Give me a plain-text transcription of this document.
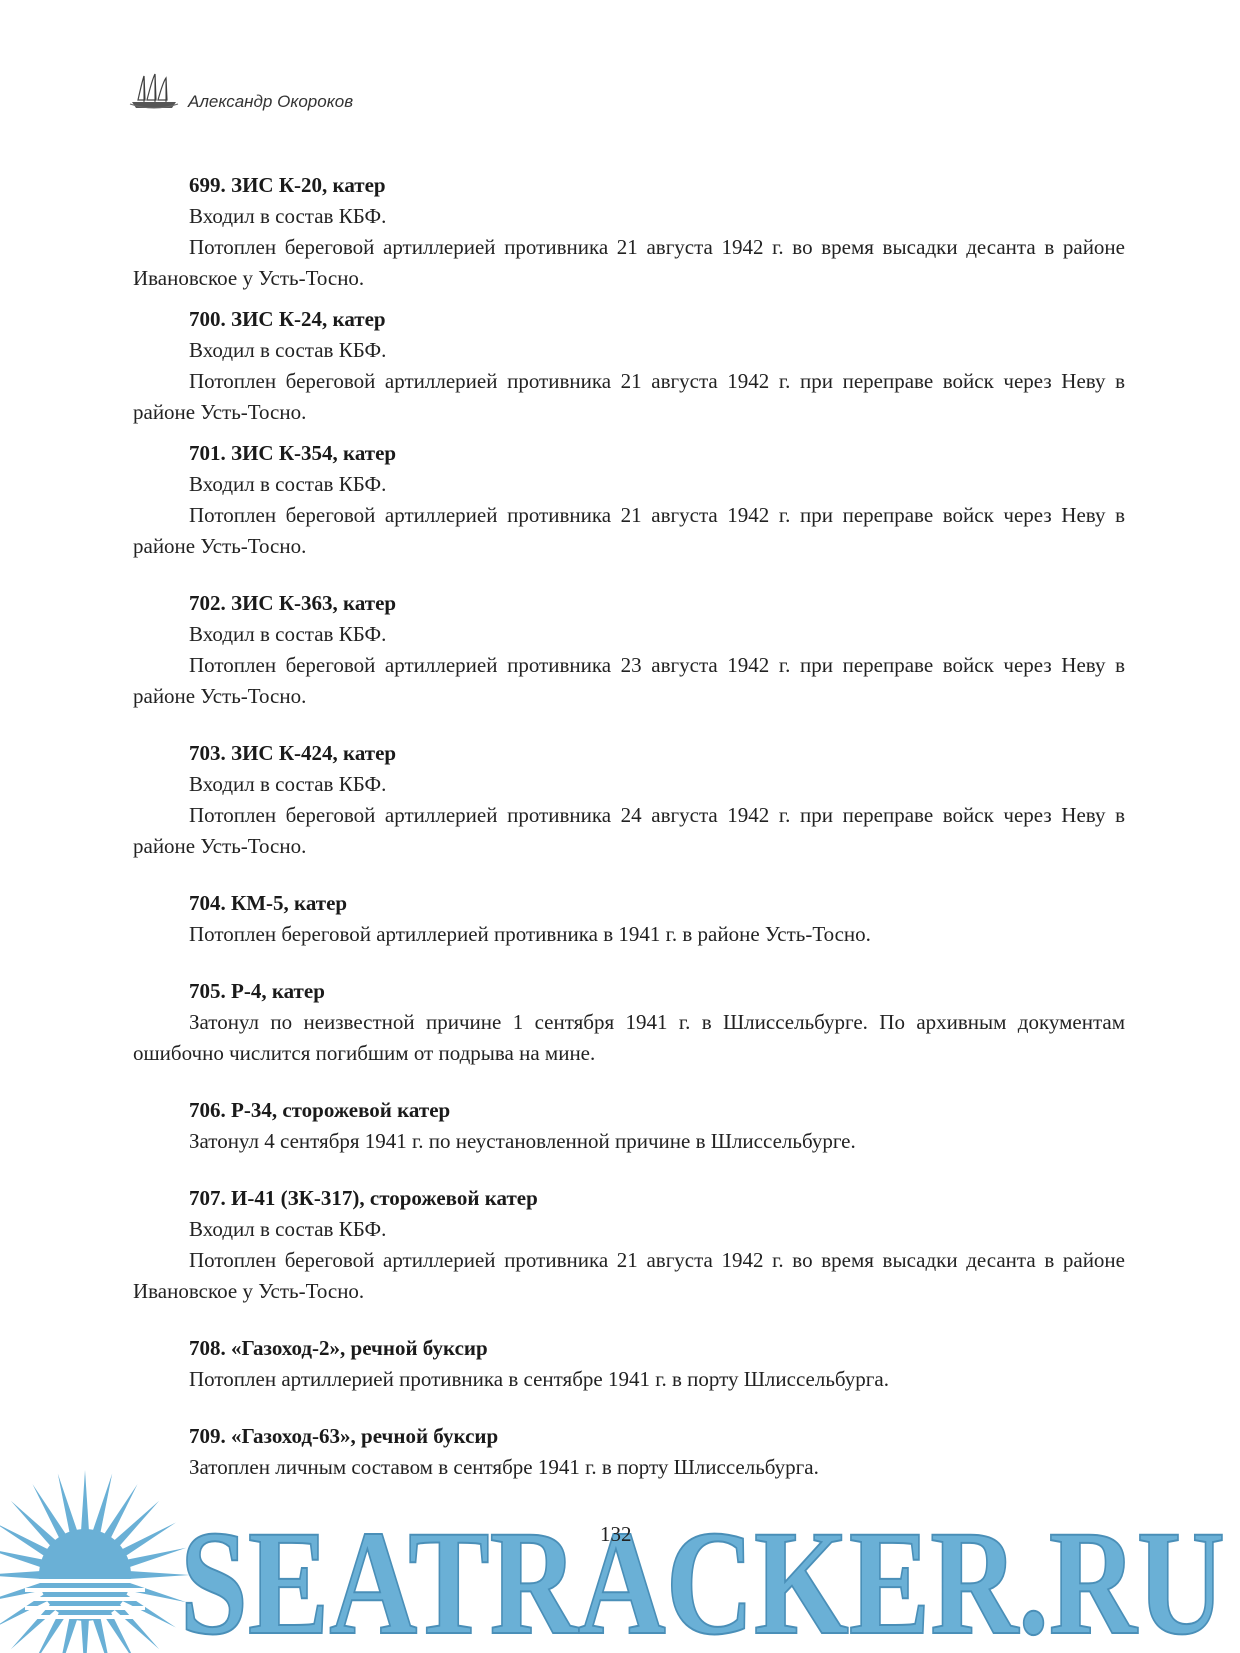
Александр Окороков
699. ЗИС К-20, катер
Входил в состав КБФ.
Потоплен береговой артиллерией противника 21 августа 1942 г. во время высадки десанта в районе Ивановское у Усть-Тосно.
700. ЗИС К-24, катер
Входил в состав КБФ.
Потоплен береговой артиллерией противника 21 августа 1942 г. при переправе войск через Неву в районе Усть-Тосно.
701. ЗИС К-354, катер
Входил в состав КБФ.
Потоплен береговой артиллерией противника 21 августа 1942 г. при переправе войск через Неву в районе Усть-Тосно.
702. ЗИС К-363, катер
Входил в состав КБФ.
Потоплен береговой артиллерией противника 23 августа 1942 г. при переправе войск через Неву в районе Усть-Тосно.
703. ЗИС К-424, катер
Входил в состав КБФ.
Потоплен береговой артиллерией противника 24 августа 1942 г. при переправе войск через Неву в районе Усть-Тосно.
704. КМ-5, катер
Потоплен береговой артиллерией противника в 1941 г. в районе Усть-Тосно.
705. Р-4, катер
Затонул по неизвестной причине 1 сентября 1941 г. в Шлиссельбурге. По архивным документам ошибочно числится погибшим от подрыва на мине.
706. Р-34, сторожевой катер
Затонул 4 сентября 1941 г. по неустановленной причине в Шлиссельбурге.
707. И-41 (ЗК-317), сторожевой катер
Входил в состав КБФ.
Потоплен береговой артиллерией противника 21 августа 1942 г. во время высадки десанта в районе Ивановское у Усть-Тосно.
708. «Газоход-2», речной буксир
Потоплен артиллерией противника в сентябре 1941 г. в порту Шлиссельбурга.
709. «Газоход-63», речной буксир
Затоплен личным составом в сентябре 1941 г. в порту Шлиссельбурга.
SEATRACKER.RU
132
